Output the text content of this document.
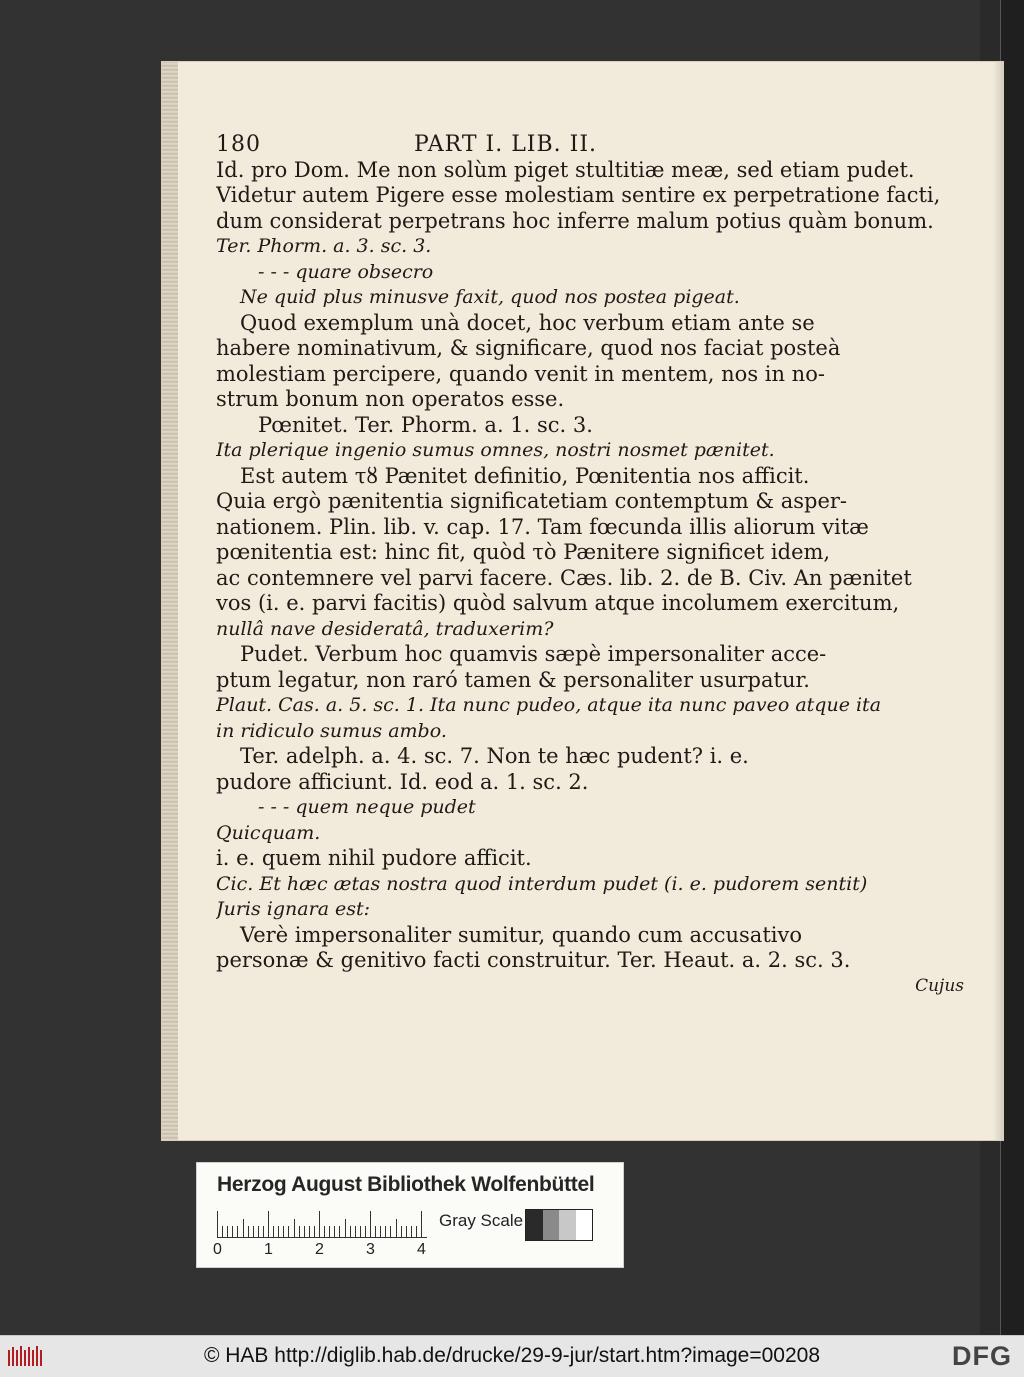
180	PART I. LIB. II.
Id. pro Dom. Me non solùm piget stultitiæ meæ, sed etiam pudet.
Videtur autem Pigere esse molestiam sentire ex perpetratione facti,
dum considerat perpetrans hoc inferre malum potius quàm bonum.
Ter. Phorm. a. 3. sc. 3.
- - - quare obsecro
Ne quid plus minusve faxit, quod nos postea pigeat.
Quod exemplum unà docet, hoc verbum etiam ante se
habere nominativum, & significare, quod nos faciat posteà
molestiam percipere, quando venit in mentem, nos in no-
strum bonum non operatos esse.
Pœnitet. Ter. Phorm. a. 1. sc. 3.
Ita plerique ingenio sumus omnes, nostri nosmet pænitet.
Est autem τȣ Pænitet definitio, Pœnitentia nos afficit.
Quia ergò pænitentia significatetiam contemptum & asper-
nationem. Plin. lib. v. cap. 17. Tam fœcunda illis aliorum vitæ
pœnitentia est: hinc fit, quòd τò Pænitere significet idem,
ac contemnere vel parvi facere. Cæs. lib. 2. de B. Civ. An pænitet
vos (i. e. parvi facitis) quòd salvum atque incolumem exercitum,
nullâ nave desideratâ, traduxerim?
Pudet. Verbum hoc quamvis sæpè impersonaliter acce-
ptum legatur, non raró tamen & personaliter usurpatur.
Plaut. Cas. a. 5. sc. 1. Ita nunc pudeo, atque ita nunc paveo atque ita
in ridiculo sumus ambo.
Ter. adelph. a. 4. sc. 7. Non te hæc pudent? i. e.
pudore afficiunt. Id. eod a. 1. sc. 2.
- - - quem neque pudet
Quicquam.
i. e. quem nihil pudore afficit.
Cic. Et hæc ætas nostra quod interdum pudet (i. e. pudorem sentit)
Juris ignara est:
Verè impersonaliter sumitur, quando cum accusativo
personæ & genitivo facti construitur. Ter. Heaut. a. 2. sc. 3.
Cujus
Herzog August Bibliothek Wolfenbüttel
0	1	2	3	4
Gray Scale
© HAB http://diglib.hab.de/drucke/29-9-jur/start.htm?image=00208	DFG
